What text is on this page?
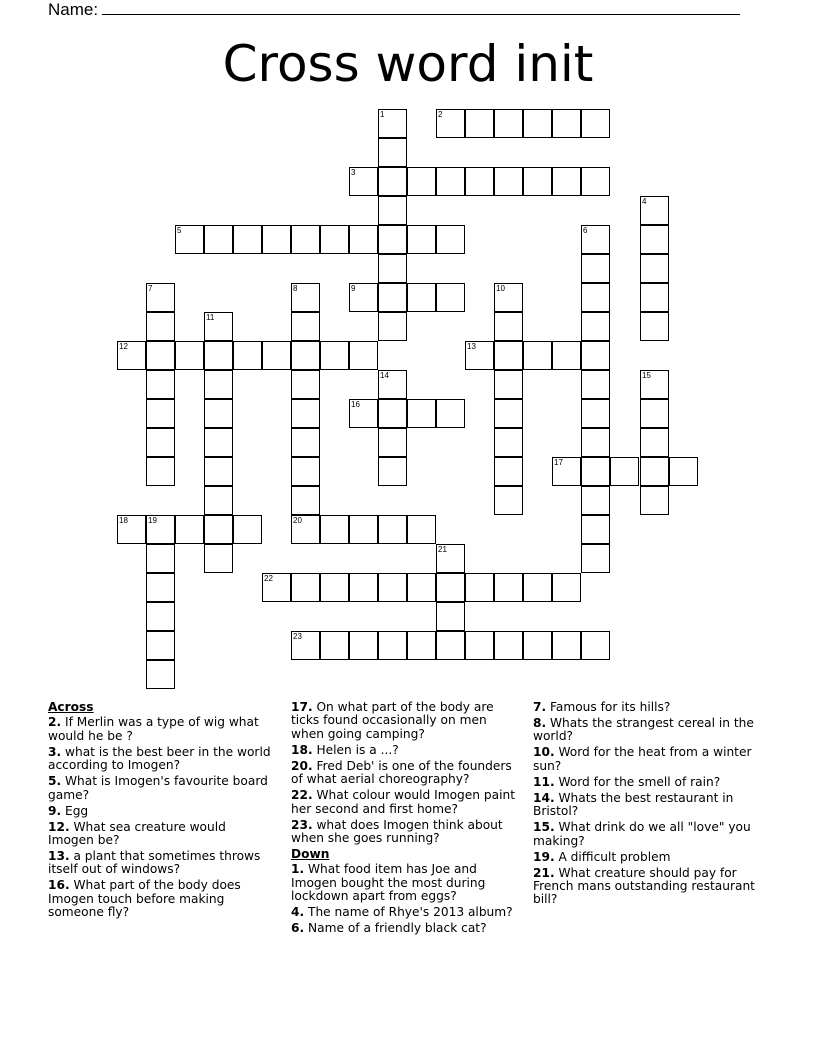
Name:
Cross word init
1	2
3
4
5	6
7	8	9	10
11
12	13
14	15
16
17
18	19	20
21
22
23
Across
2. If Merlin was a type of wig what would he be ?
3. what is the best beer in the world according to Imogen?
5. What is Imogen's favourite board game?
9. Egg
12. What sea creature would Imogen be?
13. a plant that sometimes throws itself out of windows?
16. What part of the body does Imogen touch before making someone fly?
17. On what part of the body are ticks found occasionally on men when going camping?
18. Helen is a ...?
20. Fred Deb' is one of the founders of what aerial choreography?
22. What colour would Imogen paint her second and first home?
23. what does Imogen think about when she goes running?
Down
1. What food item has Joe and Imogen bought the most during lockdown apart from eggs?
4. The name of Rhye's 2013 album?
6. Name of a friendly black cat?
7. Famous for its hills?
8. Whats the strangest cereal in the world?
10. Word for the heat from a winter sun?
11. Word for the smell of rain?
14. Whats the best restaurant in Bristol?
15. What drink do we all "love" you making?
19. A difficult problem
21. What creature should pay for French mans outstanding restaurant bill?
